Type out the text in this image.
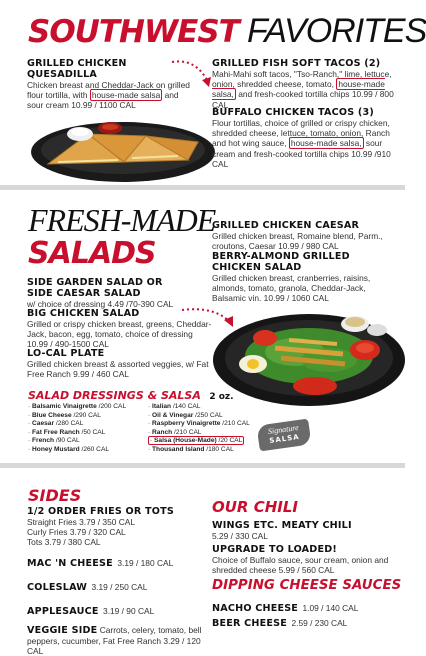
SOUTHWEST FAVORITES
GRILLED CHICKEN
QUESADILLA
Chicken breast and Cheddar-Jack on grilled flour tortilla, with house-made salsa and sour cream 10.99 / 1100 CAL
GRILLED FISH SOFT TACOS (2)
Mahi-Mahi soft tacos, "Tso-Ranch," lime, lettuce, onion, shredded cheese, tomato, house-made salsa, and fresh-cooked tortilla chips 10.99 / 800 CAL
BUFFALO CHICKEN TACOS (3)
Flour tortillas, choice of grilled or crispy chicken, shredded cheese, lettuce, tomato, onion, Ranch and hot wing sauce, house-made salsa, sour cream and fresh-cooked tortilla chips 10.99 /910 CAL
FRESH-MADE
SALADS
SIDE GARDEN SALAD OR
SIDE CAESAR SALAD
w/ choice of dressing 4.49 /70-390 CAL
BIG CHICKEN SALAD
Grilled or crispy chicken breast, greens, Cheddar-Jack, bacon, egg, tomato, choice of dressing 10.99 / 490-1500 CAL
LO-CAL PLATE
Grilled chicken breast & assorted veggies, w/ Fat Free Ranch 9.99 / 460 CAL
GRILLED CHICKEN CAESAR
Grilled chicken breast, Romaine blend, Parm., croutons, Caesar 10.99 / 980 CAL
BERRY-ALMOND GRILLED
CHICKEN SALAD
Grilled chicken breast, cranberries, raisins, almonds, tomato, granola, Cheddar-Jack, Balsamic vin. 10.99 / 1060 CAL
SALAD DRESSINGS & SALSA 2 oz.
· Balsamic Vinaigrette /200 CAL
· Blue Cheese /290 CAL
· Caesar /280 CAL
· Fat Free Ranch /50 CAL
· French /90 CAL
· Honey Mustard /260 CAL
· Italian /140 CAL
· Oil & Vinegar /250 CAL
· Raspberry Vinaigrette /210 CAL
· Ranch /210 CAL
· Salsa (House-Made) /20 CAL
· Thousand Island /180 CAL
Signature
SALSA
SIDES
1/2 ORDER FRIES OR TOTS
Straight Fries 3.79 / 350 CAL
Curly Fries 3.79 / 320 CAL
Tots 3.79 / 380 CAL
MAC 'N CHEESE 3.19 / 180 CAL
COLESLAW 3.19 / 250 CAL
APPLESAUCE 3.19 / 90 CAL
VEGGIE SIDE Carrots, celery, tomato, bell peppers, cucumber, Fat Free Ranch 3.29 / 120 CAL
OUR CHILI
WINGS ETC. MEATY CHILI
5.29 / 330 CAL
UPGRADE TO LOADED!
Choice of Buffalo sauce, sour cream, onion and shredded cheese 5.99 / 560 CAL
DIPPING CHEESE SAUCES
NACHO CHEESE 1.09 / 140 CAL
BEER CHEESE 2.59 / 230 CAL
